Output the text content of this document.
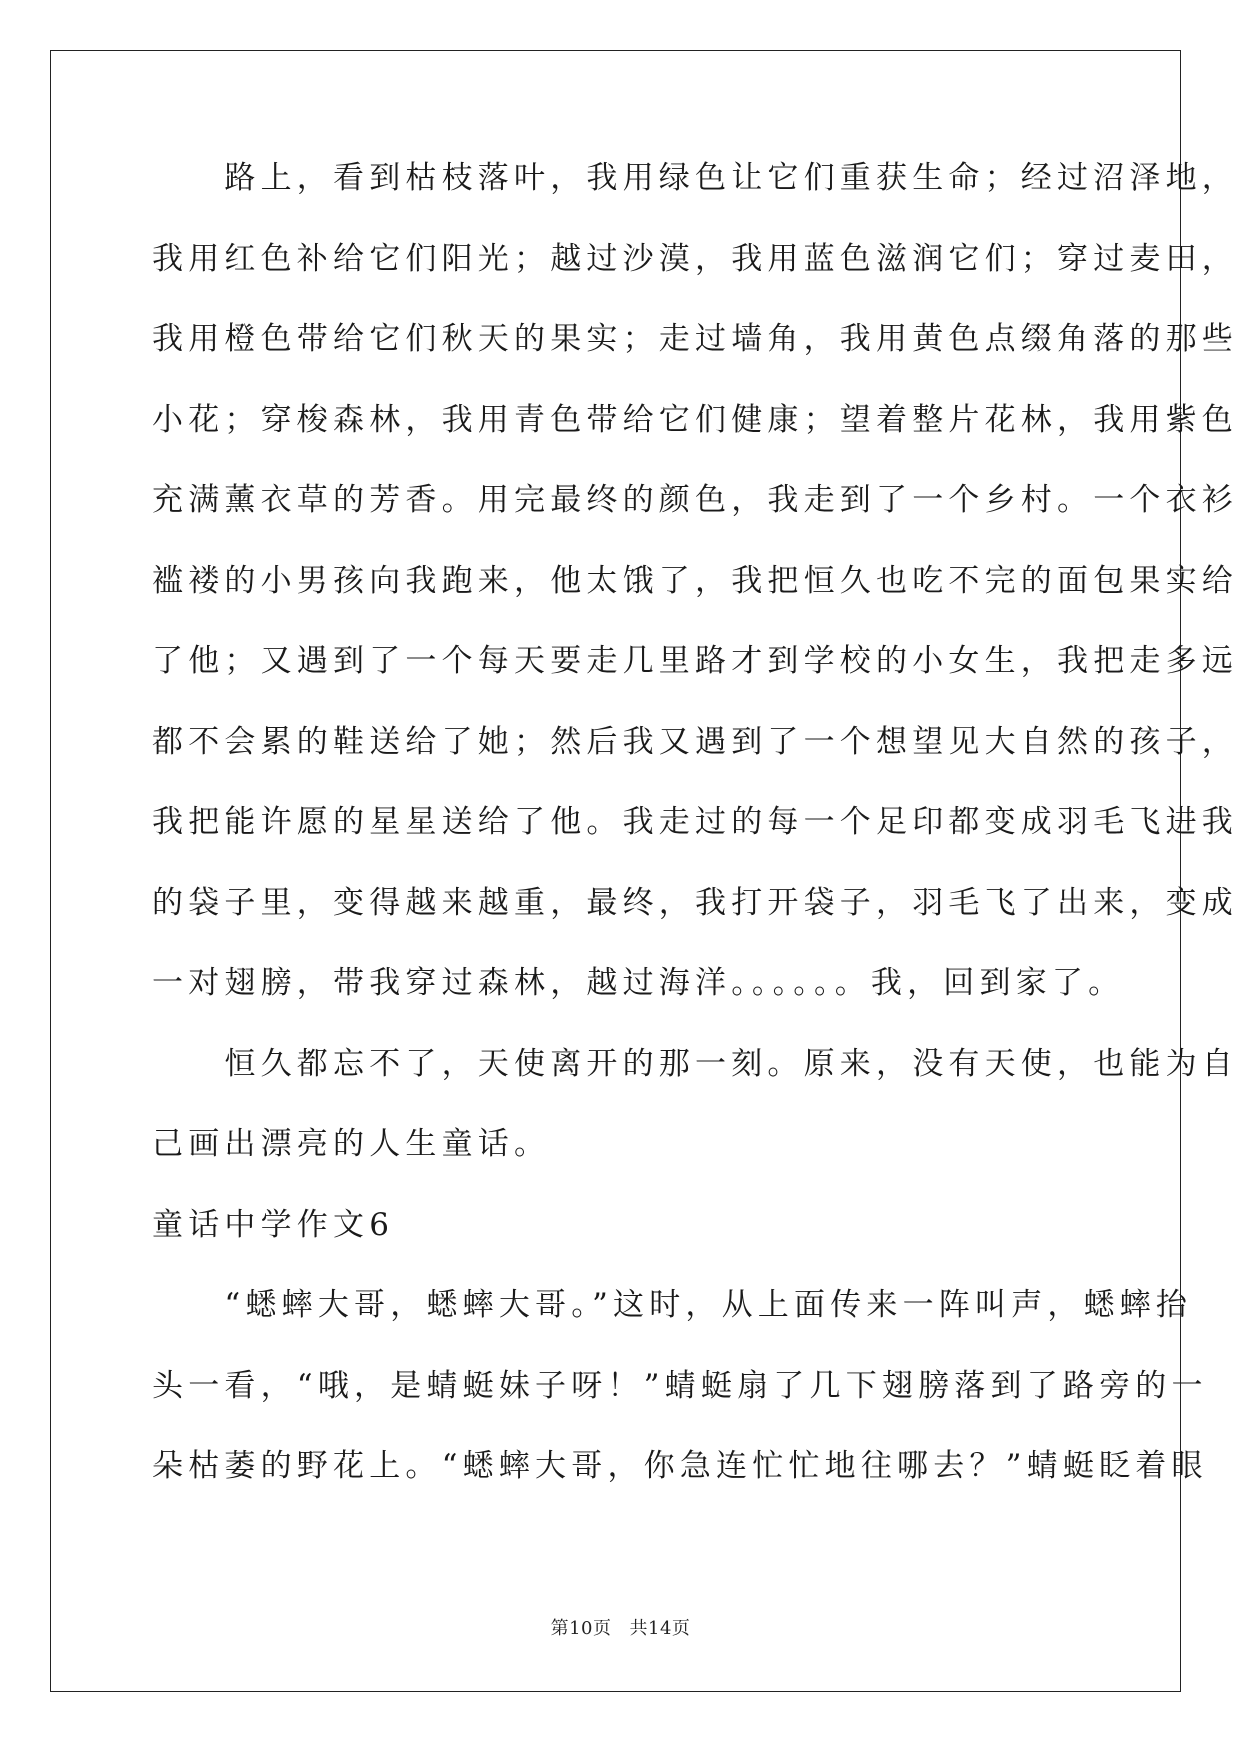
　　路上，看到枯枝落叶，我用绿色让它们重获生命；经过沼泽地，
我用红色补给它们阳光；越过沙漠，我用蓝色滋润它们；穿过麦田，
我用橙色带给它们秋天的果实；走过墙角，我用黄色点缀角落的那些
小花；穿梭森林，我用青色带给它们健康；望着整片花林，我用紫色
充满薰衣草的芳香。用完最终的颜色，我走到了一个乡村。一个衣衫
褴褛的小男孩向我跑来，他太饿了，我把恒久也吃不完的面包果实给
了他；又遇到了一个每天要走几里路才到学校的小女生，我把走多远
都不会累的鞋送给了她；然后我又遇到了一个想望见大自然的孩子，
我把能许愿的星星送给了他。我走过的每一个足印都变成羽毛飞进我
的袋子里，变得越来越重，最终，我打开袋子，羽毛飞了出来，变成
一对翅膀，带我穿过森林，越过海洋。。。。。。我，回到家了。
　　恒久都忘不了，天使离开的那一刻。原来，没有天使，也能为自
己画出漂亮的人生童话。
童话中学作文6
　　“蟋蟀大哥，蟋蟀大哥。”这时，从上面传来一阵叫声，蟋蟀抬
头一看，“哦，是蜻蜓妹子呀！”蜻蜓扇了几下翅膀落到了路旁的一
朵枯萎的野花上。“蟋蟀大哥，你急连忙忙地往哪去？”蜻蜓眨着眼
第10页 共14页
